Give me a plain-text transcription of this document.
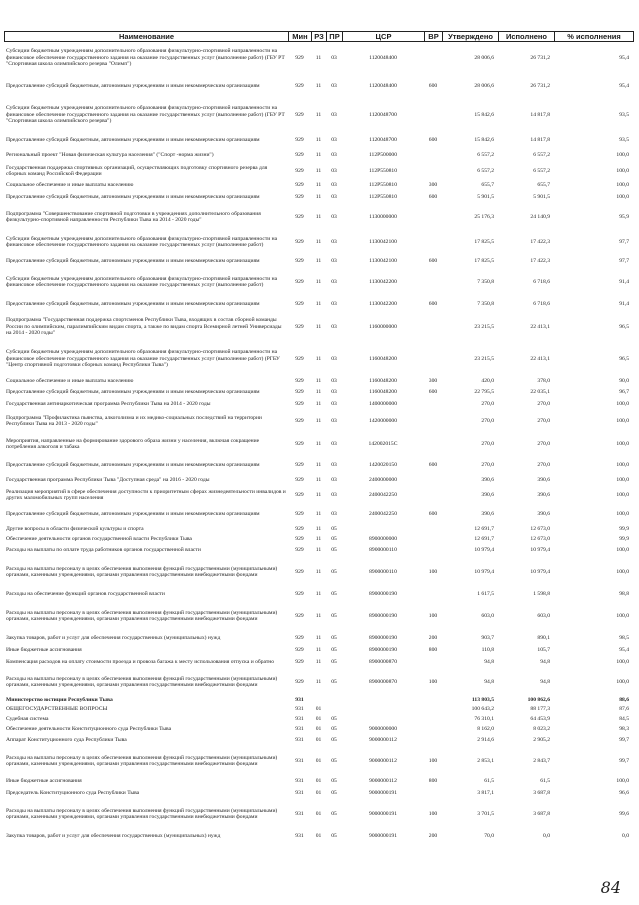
Наименование	Мин	РЗ	ПР	ЦСР	ВР	Утверждено	Исполнено	% исполнения
Субсидии бюджетным учреждениям дополнительного образования физкультурно-спортивной направленности на финансовое обеспечение государственного задания на оказание государственных услуг (выполнение работ) (ГБУ РТ "Спортивная школа олимпийского резерва "Олимп")	929	11	03	1120048400		28 006,6	26 731,2	95,4
Предоставление субсидий бюджетным, автономным учреждениям и иным некоммерческим организациям	929	11	03	1120048400	600	28 006,6	26 731,2	95,4
Субсидии бюджетным учреждениям дополнительного образования физкультурно-спортивной направленности на финансовое обеспечение государственного задания на оказание государственных услуг (выполнение работ) (ГБУ РТ "Спортивная школа олимпийского резерва")	929	11	03	1120048700		15 842,6	14 817,8	93,5
Предоставление субсидий бюджетным, автономным учреждениям и иным некоммерческим организациям	929	11	03	1120048700	600	15 842,6	14 817,8	93,5
Региональный проект "Новая физическая культура населения" ("Спорт -норма жизни")	929	11	03	112P500000		6 557,2	6 557,2	100,0
Государственная поддержка спортивных организаций, осуществляющих подготовку спортивного резерва для сборных команд Российской Федерации	929	11	03	112P550810		6 557,2	6 557,2	100,0
Социальное обеспечение и иные выплаты населению	929	11	03	112P550810	300	655,7	655,7	100,0
Предоставление субсидий бюджетным, автономным учреждениям и иным некоммерческим организациям	929	11	03	112P550810	600	5 901,5	5 901,5	100,0
Подпрограмма "Совершенствование спортивной подготовки в учреждениях дополнительного образования физкультурно-спортивной направленности Республики Тыва на 2014 - 2020 годы"	929	11	03	1130000000		25 176,3	24 140,9	95,9
Субсидии бюджетным учреждениям дополнительного образования физкультурно-спортивной направленности на финансовое обеспечение государственного задания на оказание государственных услуг (выполнение работ)	929	11	03	1130042100		17 825,5	17 422,3	97,7
Предоставление субсидий бюджетным, автономным учреждениям и иным некоммерческим организациям	929	11	03	1130042100	600	17 825,5	17 422,3	97,7
Субсидии бюджетным учреждениям дополнительного образования физкультурно-спортивной направленности на финансовое обеспечение государственного задания на оказание государственных услуг (выполнение работ)	929	11	03	1130042200		7 350,8	6 718,6	91,4
Предоставление субсидий бюджетным, автономным учреждениям и иным некоммерческим организациям	929	11	03	1130042200	600	7 350,8	6 718,6	91,4
Подпрограмма "Государственная поддержка спортсменов Республики Тыва, входящих в состав сборной команды России по олимпийским, паралимпийским видам спорта, а также по видам спорта Всемирной летней Универсиады на 2014 - 2020 годы"	929	11	03	1160000000		23 215,5	22 413,1	96,5
Субсидии бюджетным учреждениям дополнительного образования физкультурно-спортивной направленности на финансовое обеспечение государственного задания на оказание государственных услуг (выполнение работ) (РГБУ "Центр спортивной подготовки сборных команд Республики Тыва")	929	11	03	1160048200		23 215,5	22 413,1	96,5
Социальное обеспечение и иные выплаты населению	929	11	03	1160048200	300	420,0	378,0	90,0
Предоставление субсидий бюджетным, автономным учреждениям и иным некоммерческим организациям	929	11	03	1160048200	600	22 795,5	22 035,1	96,7
Государственная антинаркотическая программа Республики Тыва на 2014 - 2020 годы	929	11	03	1400000000		270,0	270,0	100,0
Подпрограмма "Профилактика пьянства, алкоголизма и их медико-социальных последствий на территории Республики Тыва на 2013 - 2020 годы"	929	11	03	1420000000		270,0	270,0	100,0
Мероприятия, направленные на формирование здорового образа жизни у населения, включая сокращение потребления алкоголя и табака	929	11	03	142002015С		270,0	270,0	100,0
Предоставление субсидий бюджетным, автономным учреждениям и иным некоммерческим организациям	929	11	03	1420020150	600	270,0	270,0	100,0
Государственная программа Республики Тыва "Доступная среда" на 2016 - 2020 годы	929	11	03	2400000000		390,6	390,6	100,0
Реализация мероприятий в сфере обеспечения доступности к приоритетным сферах жизнедеятельности инвалидов и других маломобильных групп населения	929	11	03	2400042250		390,6	390,6	100,0
Предоставление субсидий бюджетным, автономным учреждениям и иным некоммерческим организациям	929	11	03	2400042250	600	390,6	390,6	100,0
Другие вопросы в области физической культуры и спорта	929	11	05			12 691,7	12 673,0	99,9
Обеспечение деятельности органов государственной власти Республики Тыва	929	11	05	8900000000		12 691,7	12 673,0	99,9
Расходы на выплаты по оплате труда работников органов государственной власти	929	11	05	8900000110		10 979,4	10 979,4	100,0
Расходы на выплаты персоналу в целях обеспечения выполнения функций государственными (муниципальными) органами, казенными учреждениями, органами управления государственными внебюджетными фондами	929	11	05	8900000110	100	10 979,4	10 979,4	100,0
Расходы на обеспечение функций органов государственной власти	929	11	05	8900000190		1 617,5	1 598,8	98,8
Расходы на выплаты персоналу в целях обеспечения выполнения функций государственными (муниципальными) органами, казенными учреждениями, органами управления государственными внебюджетными фондами	929	11	05	8900000190	100	603,0	603,0	100,0
Закупка товаров, работ и услуг для обеспечения государственных (муниципальных) нужд	929	11	05	8900000190	200	903,7	890,1	98,5
Иные бюджетные ассигнования	929	11	05	8900000190	800	110,8	105,7	95,4
Компенсация расходов на оплату стоимости проезда и провоза багажа к месту использования отпуска и обратно	929	11	05	8900000870		94,8	94,8	100,0
Расходы на выплаты персоналу в целях обеспечения выполнения функций государственными (муниципальными) органами, казенными учреждениями, органами управления государственными внебюджетными фондами	929	11	05	8900000870	100	94,8	94,8	100,0
Министерство юстиции Республики Тыва	931					113 803,5	100 862,6	88,6
ОБЩЕГОСУДАРСТВЕННЫЕ ВОПРОСЫ	931	01				100 643,2	88 177,3	87,6
Судебная система	931	01	05			76 310,1	64 453,9	84,5
Обеспечение деятельности Конституционного суда Республики Тыва	931	01	05	9000000000		8 162,0	8 023,2	98,3
Аппарат Конституционного суда Республики Тыва	931	01	05	9000000112		2 914,6	2 905,2	99,7
Расходы на выплаты персоналу в целях обеспечения выполнения функций государственными (муниципальными) органами, казенными учреждениями, органами управления государственными внебюджетными фондами	931	01	05	9000000112	100	2 853,1	2 843,7	99,7
Иные бюджетные ассигнования	931	01	05	9000000112	800	61,5	61,5	100,0
Председатель Конституционного суда Республики Тыва	931	01	05	9000000191		3 817,1	3 687,8	96,6
Расходы на выплаты персоналу в целях обеспечения выполнения функций государственными (муниципальными) органами, казенными учреждениями, органами управления государственными внебюджетными фондами	931	01	05	9000000191	100	3 701,5	3 687,8	99,6
Закупка товаров, работ и услуг для обеспечения государственных (муниципальных) нужд	931	01	05	9000000191	200	70,0	0,0	0,0
84
